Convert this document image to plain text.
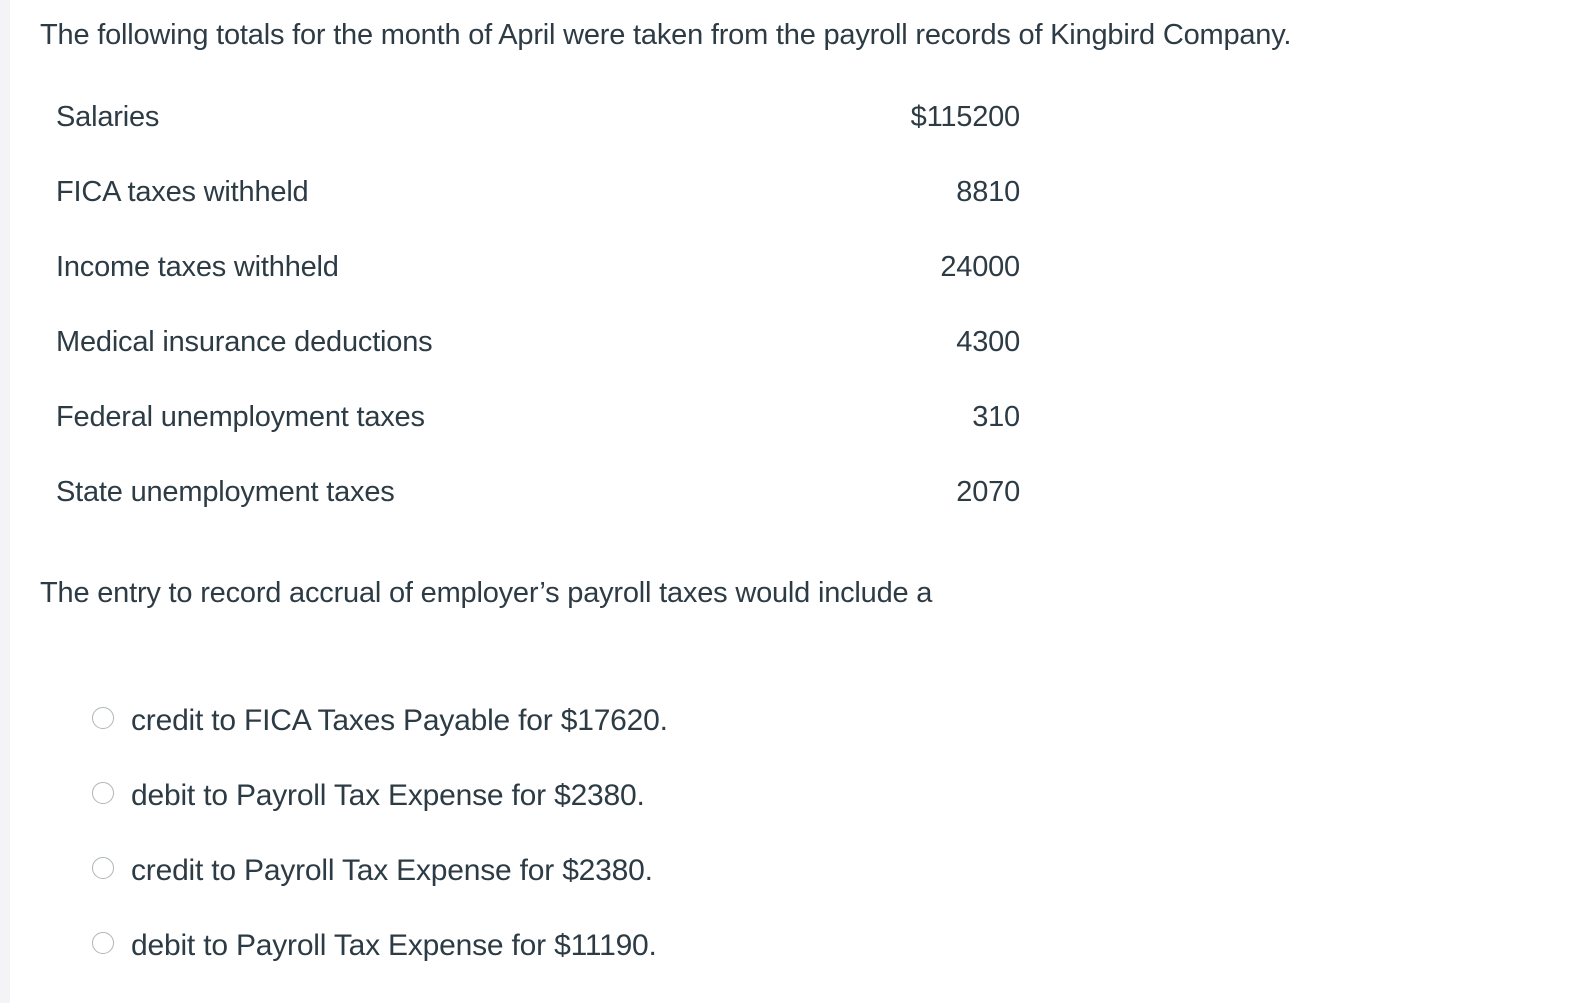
The following totals for the month of April were taken from the payroll records of Kingbird Company.

Salaries	$115200
FICA taxes withheld	8810
Income taxes withheld	24000
Medical insurance deductions	4300
Federal unemployment taxes	310
State unemployment taxes	2070

The entry to record accrual of employer’s payroll taxes would include a

credit to FICA Taxes Payable for $17620.
debit to Payroll Tax Expense for $2380.
credit to Payroll Tax Expense for $2380.
debit to Payroll Tax Expense for $11190.
